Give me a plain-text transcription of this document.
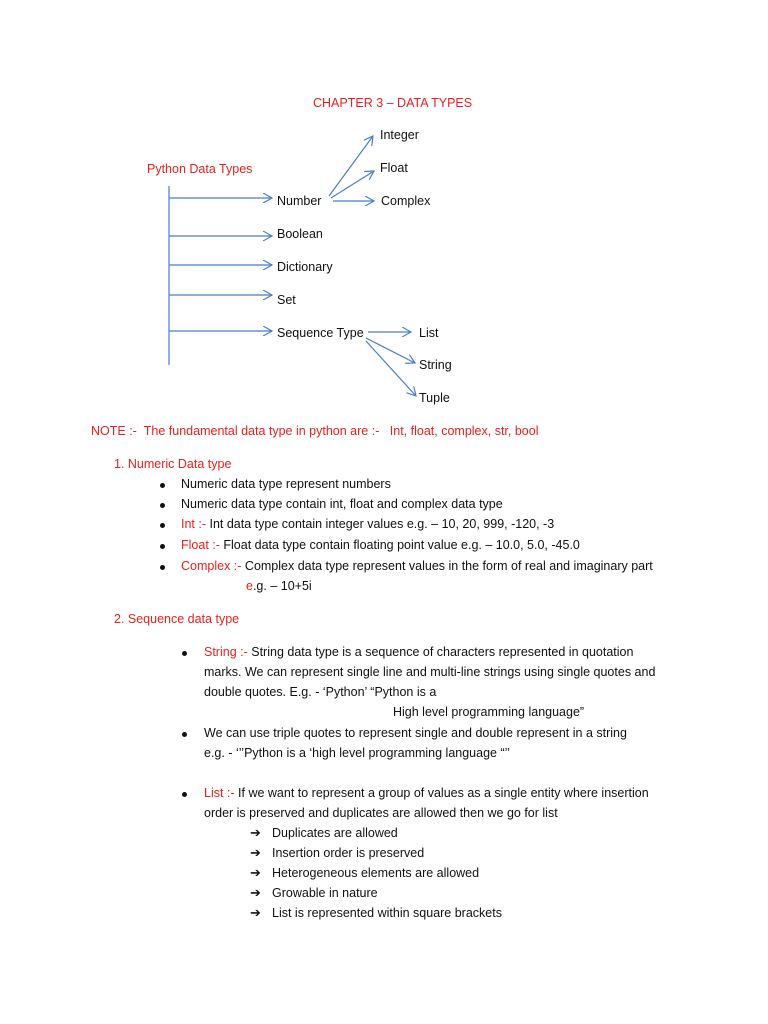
CHAPTER 3 – DATA TYPES
Python Data Types
Number
Boolean
Dictionary
Set
Sequence Type
Integer
Float
Complex
List
String
Tuple
NOTE :- The fundamental data type in python are :- Int, float, complex, str, bool
1. Numeric Data type
Numeric data type represent numbers
Numeric data type contain int, float and complex data type
Int :- Int data type contain integer values e.g. – 10, 20, 999, -120, -3
Float :- Float data type contain floating point value e.g. – 10.0, 5.0, -45.0
Complex :- Complex data type represent values in the form of real and imaginary part
e.g. – 10+5i
2. Sequence data type
String :- String data type is a sequence of characters represented in quotation
marks. We can represent single line and multi-line strings using single quotes and
double quotes. E.g. - ‘Python’ “Python is a
High level programming language”
We can use triple quotes to represent single and double represent in a string
e.g. - ‘’’Python is a ‘high level programming language “’’
List :- If we want to represent a group of values as a single entity where insertion
order is preserved and duplicates are allowed then we go for list
➔ Duplicates are allowed
➔ Insertion order is preserved
➔ Heterogeneous elements are allowed
➔ Growable in nature
➔ List is represented within square brackets
